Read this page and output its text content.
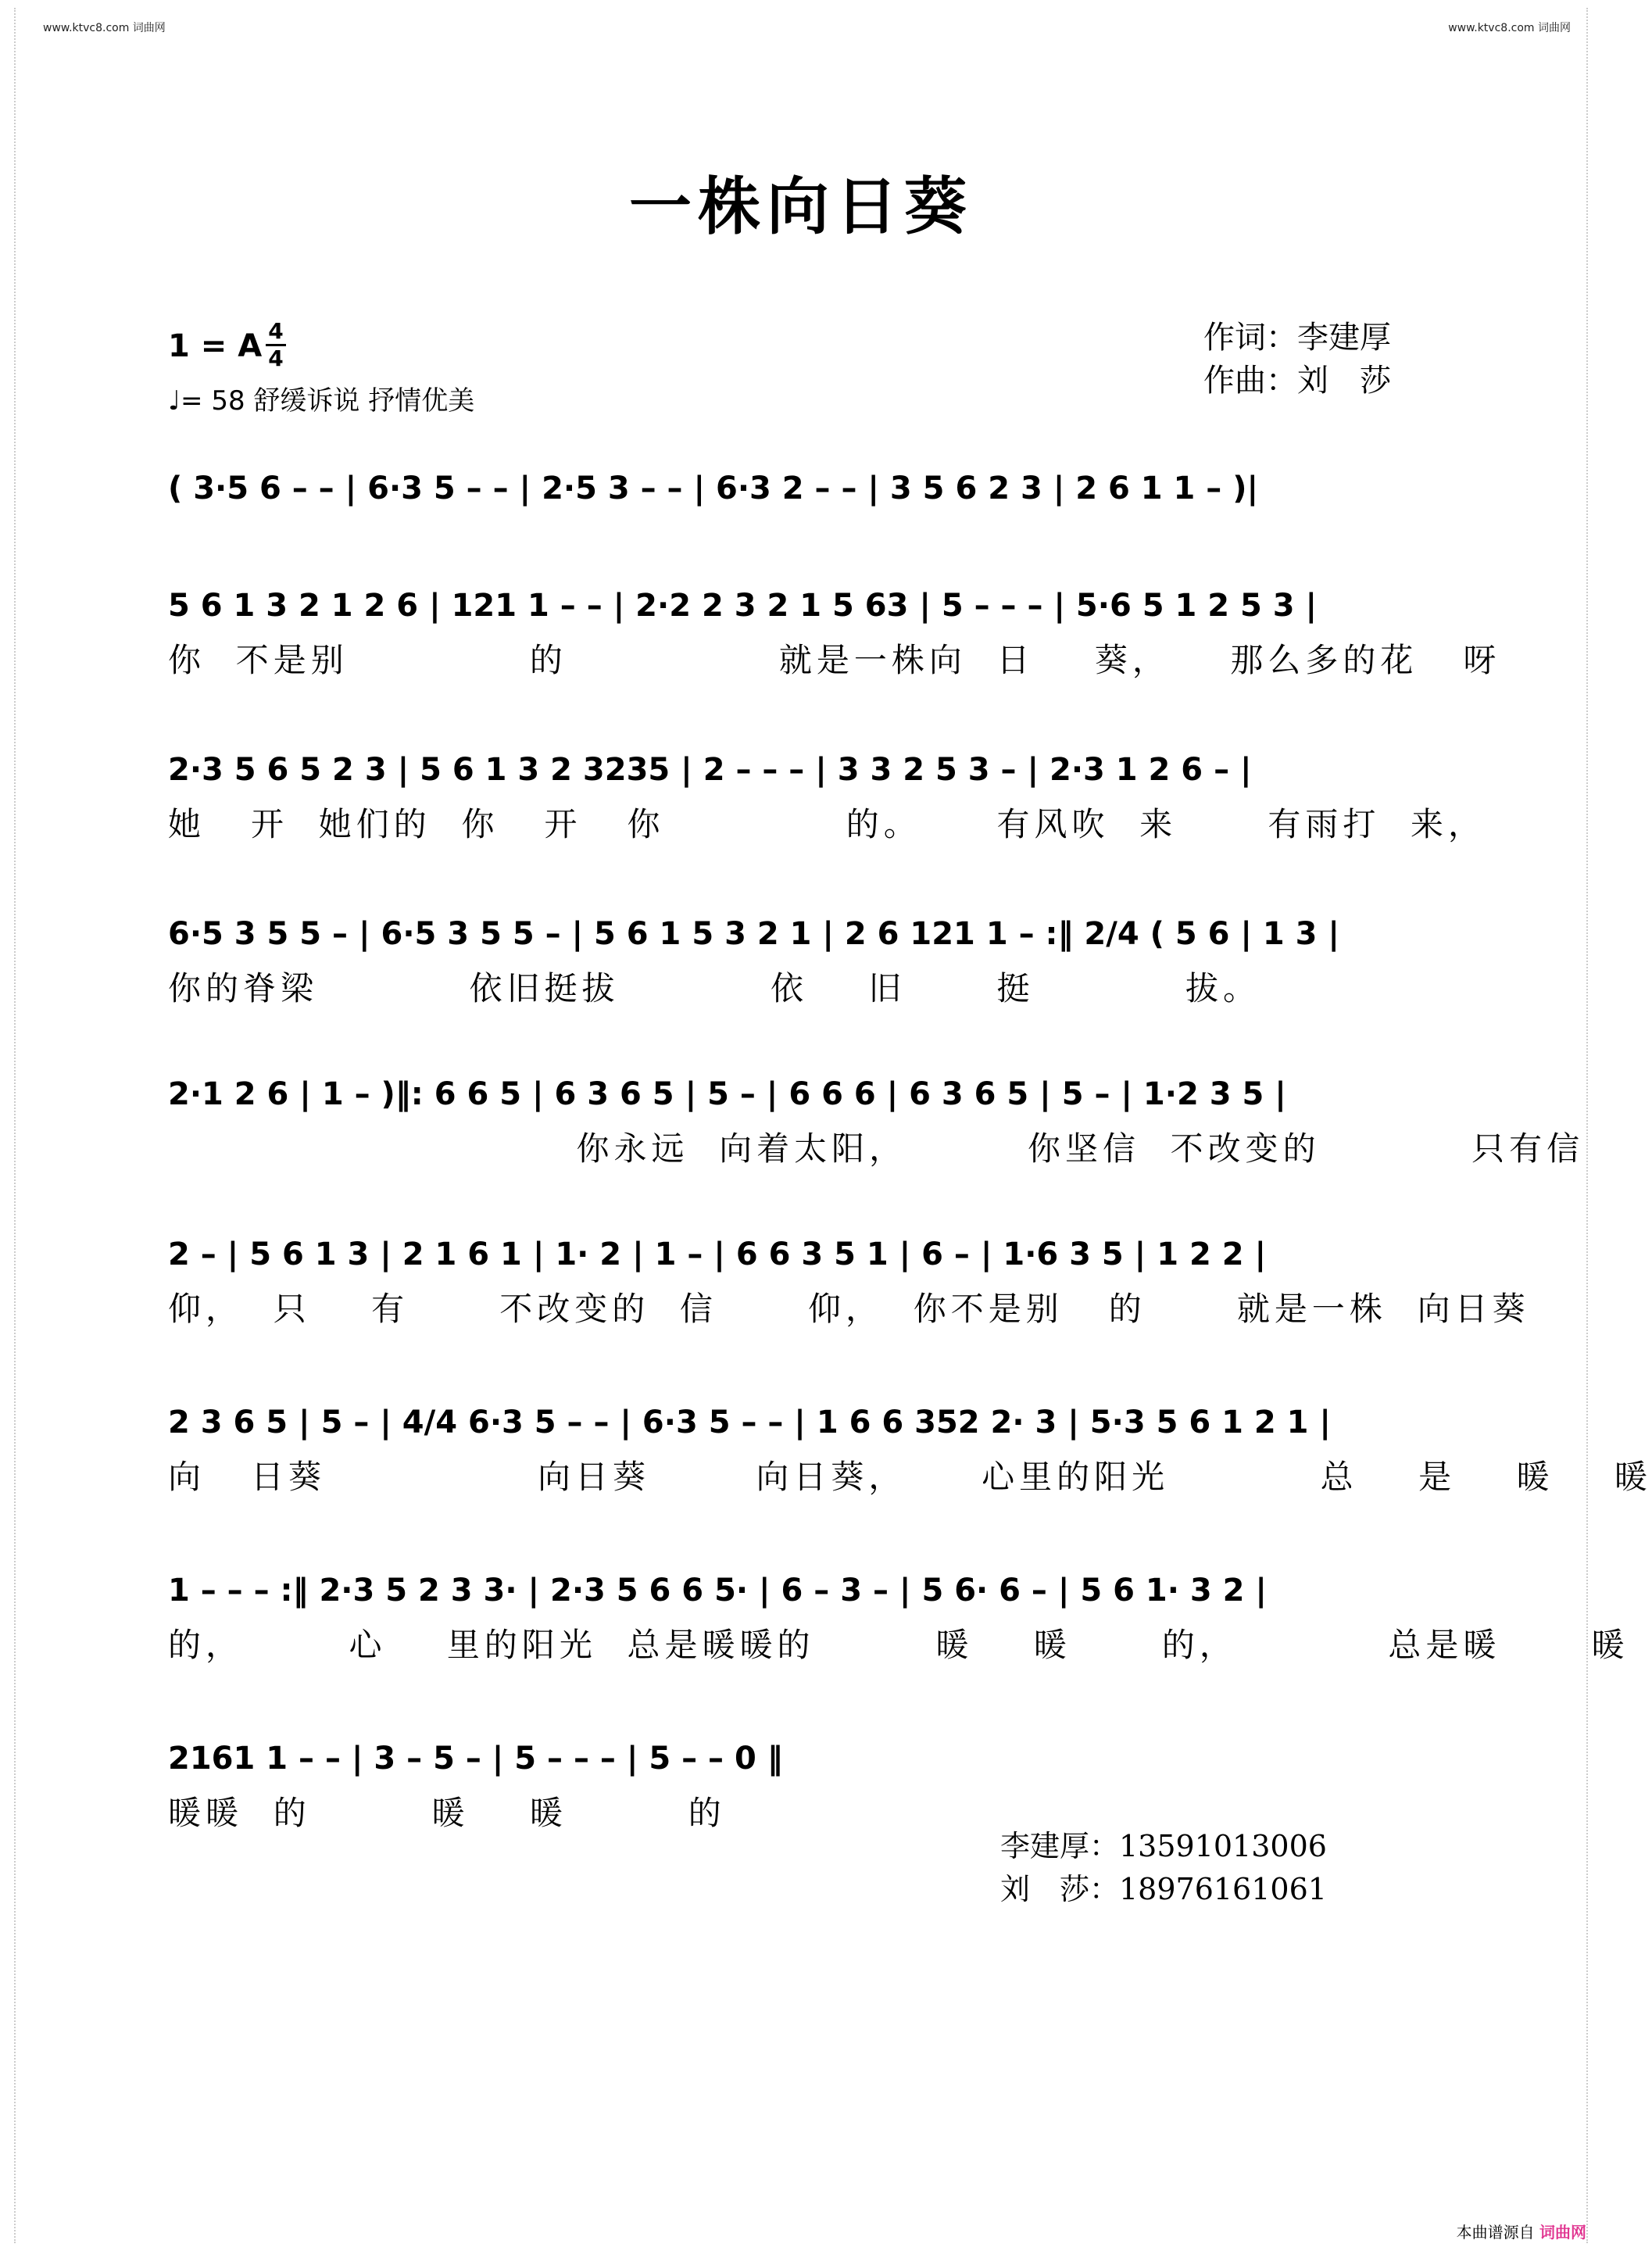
www.ktvc8.com 词曲网	www.ktvc8.com 词曲网
一株向日葵
1 = A 4
4
♩= 58 舒缓诉说 抒情优美
作词：李建厚
作曲：刘　莎
( 3·5 6 – – | 6·3 5 – – | 2·5 3 – – | 6·3 2 – – | 3 5 6 2 3 | 2 6 1 1 – )|
5 6 1 3 2 1 2 6 | 121 1 – – | 2·2 2 3 2 1 5 63 | 5 – – – | 5·6 5 1 2 5 3 |
你  不是别            的              就是一株向  日    葵，    那么多的花   呀
2·3 5 6 5 2 3 | 5 6 1 3 2 3235 | 2 – – – | 3 3 2 5 3 – | 2·3 1 2 6 – |
她   开  她们的  你   开   你            的。     有风吹  来      有雨打  来，
6·5 3 5 5 – | 6·5 3 5 5 – | 5 6 1 5 3 2 1 | 2 6 121 1 – :‖ 2/4 ( 5 6 | 1 3 |
你的脊梁          依旧挺拔          依    旧      挺          拔。
2·1 2 6 | 1 – )‖: 6 6 5 | 6 3 6 5 | 5 – | 6 6 6 | 6 3 6 5 | 5 – | 1·2 3 5 |
你永远  向着太阳，        你坚信  不改变的          只有信
2 – | 5 6 1 3 | 2 1 6 1 | 1· 2 | 1 – | 6 6 3 5 1 | 6 – | 1·6 3 5 | 1 2 2 |
仰，  只    有      不改变的  信      仰，  你不是别   的      就是一株  向日葵
2 3 6 5 | 5 – | 4/4 6·3 5 – – | 6·3 5 – – | 1 6 6 352 2· 3 | 5·3 5 6 1 2 1 |
向   日葵              向日葵       向日葵，     心里的阳光          总    是    暖    暖
1 – – – :‖ 2·3 5 2 3 3· | 2·3 5 6 6 5· | 6 – 3 – | 5 6· 6 – | 5 6 1· 3 2 |
的，       心    里的阳光  总是暖暖的        暖    暖      的，          总是暖      暖
2161 1 – – | 3 – 5 – | 5 – – – | 5 – – 0 ‖
暖暖  的        暖    暖        的
李建厚：13591013006
刘　莎：18976161061
本曲谱源自 词曲网
